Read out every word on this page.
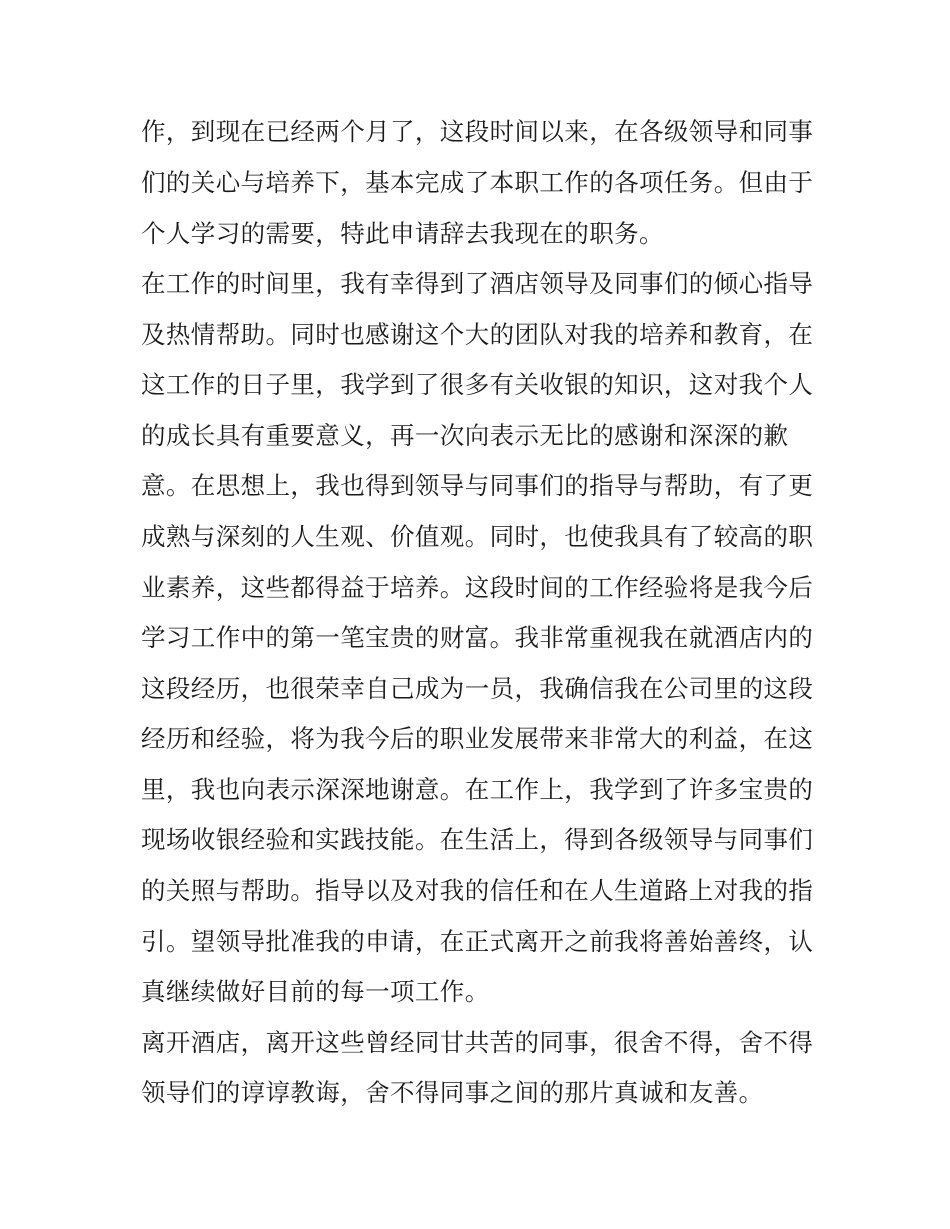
作，到现在已经两个月了，这段时间以来，在各级领导和同事
们的关心与培养下，基本完成了本职工作的各项任务。但由于
个人学习的需要，特此申请辞去我现在的职务。
在工作的时间里，我有幸得到了酒店领导及同事们的倾心指导
及热情帮助。同时也感谢这个大的团队对我的培养和教育，在
这工作的日子里，我学到了很多有关收银的知识，这对我个人
的成长具有重要意义，再一次向表示无比的感谢和深深的歉
意。在思想上，我也得到领导与同事们的指导与帮助，有了更
成熟与深刻的人生观、价值观。同时，也使我具有了较高的职
业素养，这些都得益于培养。这段时间的工作经验将是我今后
学习工作中的第一笔宝贵的财富。我非常重视我在就酒店内的
这段经历，也很荣幸自己成为一员，我确信我在公司里的这段
经历和经验，将为我今后的职业发展带来非常大的利益，在这
里，我也向表示深深地谢意。在工作上，我学到了许多宝贵的
现场收银经验和实践技能。在生活上，得到各级领导与同事们
的关照与帮助。指导以及对我的信任和在人生道路上对我的指
引。望领导批准我的申请，在正式离开之前我将善始善终，认
真继续做好目前的每一项工作。
离开酒店，离开这些曾经同甘共苦的同事，很舍不得，舍不得
领导们的谆谆教诲，舍不得同事之间的那片真诚和友善。
